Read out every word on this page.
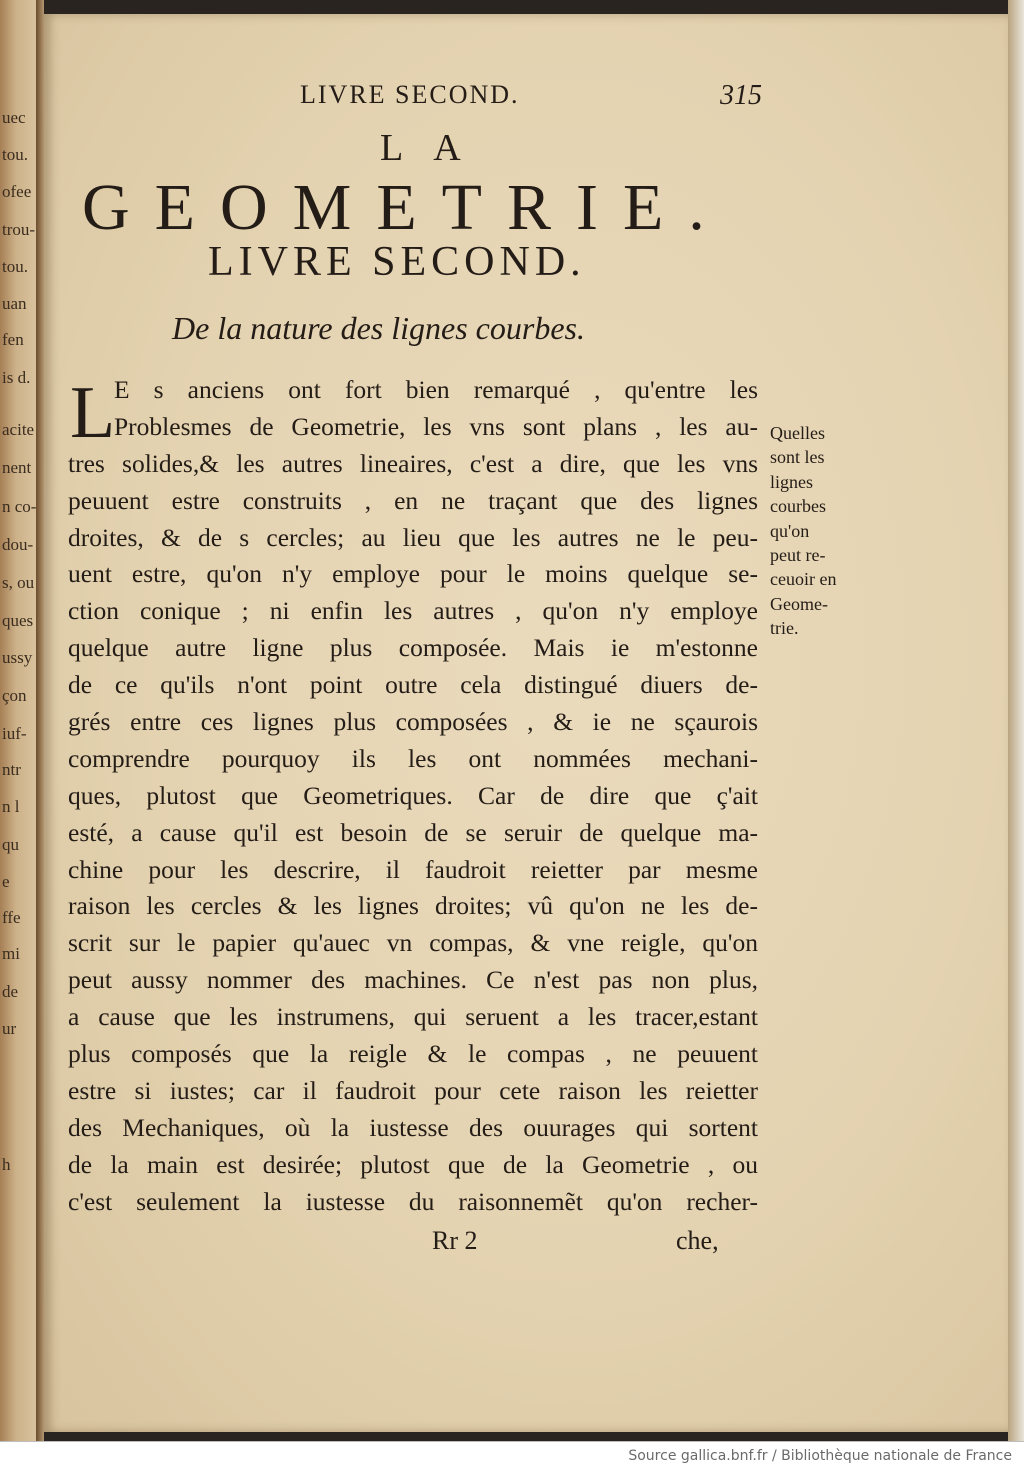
uec
tou.
ofee
trou-
tou.
uan
fen
is d.
acite
nent
n co-
dou-
s, ou
ques
ussy
çon
iuf-
ntr
n l
qu
e
ffe
mi
de
ur
h
LIVRE SECOND.	315
LA
GEOMETRIE.
LIVRE SECOND.
De la nature des lignes courbes.
L
E s anciens ont fort bien remarqué , qu'entre les
Problesmes de Geometrie, les vns sont plans , les au-
tres solides,& les autres lineaires, c'est a dire, que les vns
peuuent estre construits , en ne traçant que des lignes
droites, & de s cercles; au lieu que les autres ne le peu-
uent estre, qu'on n'y employe pour le moins quelque se-
ction conique ; ni enfin les autres , qu'on n'y employe
quelque autre ligne plus composée. Mais ie m'estonne
de ce qu'ils n'ont point outre cela distingué diuers de-
grés entre ces lignes plus composées , & ie ne sçaurois
comprendre pourquoy ils les ont nommées mechani-
ques, plutost que Geometriques. Car de dire que ç'ait
esté, a cause qu'il est besoin de se seruir de quelque ma-
chine pour les descrire, il faudroit reietter par mesme
raison les cercles & les lignes droites; vû qu'on ne les de-
scrit sur le papier qu'auec vn compas, & vne reigle, qu'on
peut aussy nommer des machines. Ce n'est pas non plus,
a cause que les instrumens, qui seruent a les tracer,estant
plus composés que la reigle & le compas , ne peuuent
estre si iustes; car il faudroit pour cete raison les reietter
des Mechaniques, où la iustesse des ouurages qui sortent
de la main est desirée; plutost que de la Geometrie , ou
c'est seulement la iustesse du raisonnemẽt qu'on recher-
Quelles
sont les
lignes
courbes
qu'on
peut re-
ceuoir en
Geome-
trie.
Rr 2	che,
Source gallica.bnf.fr / Bibliothèque nationale de France
